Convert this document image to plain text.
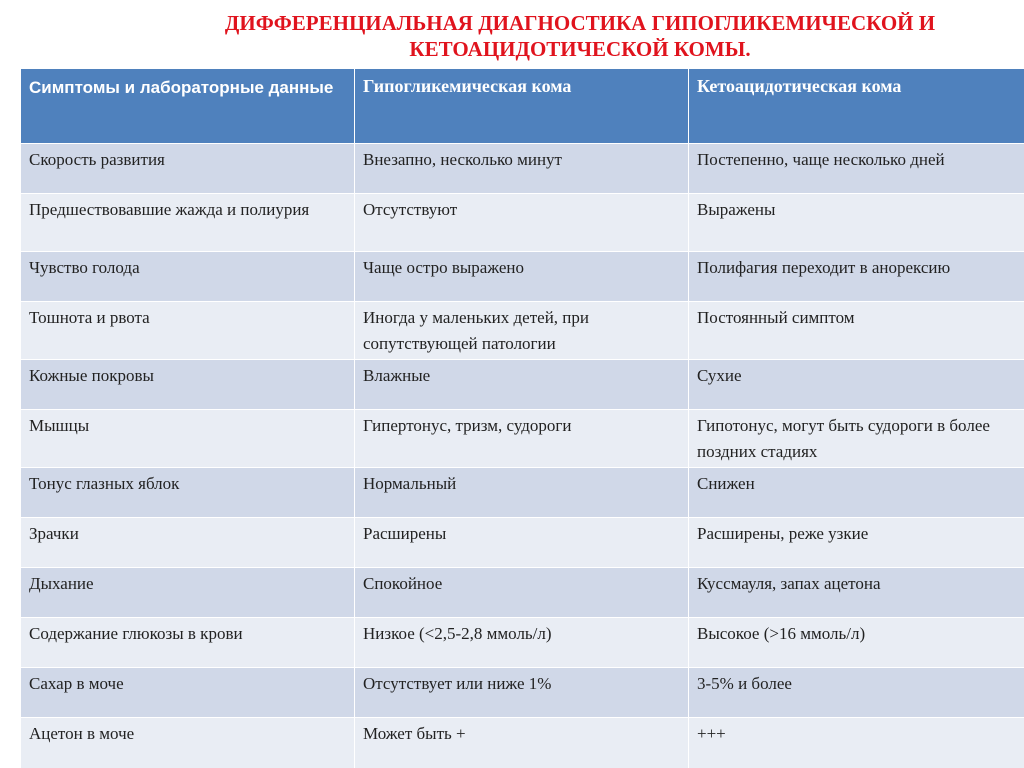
ДИФФЕРЕНЦИАЛЬНАЯ ДИАГНОСТИКА ГИПОГЛИКЕМИЧЕСКОЙ И
КЕТОАЦИДОТИЧЕСКОЙ КОМЫ.
Симптомы и лабораторные данные	Гипогликемическая кома	Кетоацидотическая кома
Скорость развития	Внезапно, несколько минут	Постепенно, чаще несколько дней
Предшествовавшие жажда и полиурия	Отсутствуют	Выражены
Чувство голода	Чаще остро выражено	Полифагия переходит в анорексию
Тошнота и рвота	Иногда у маленьких детей, при сопутствующей патологии	Постоянный симптом
Кожные покровы	Влажные	Сухие
Мышцы	Гипертонус, тризм, судороги	Гипотонус, могут быть судороги в более поздних стадиях
Тонус глазных яблок	Нормальный	Снижен
Зрачки	Расширены	Расширены, реже узкие
Дыхание	Спокойное	Куссмауля, запах ацетона
Содержание глюкозы в крови	Низкое (<2,5-2,8 ммоль/л)	Высокое (>16 ммоль/л)
Сахар в моче	Отсутствует или ниже 1%	3-5% и более
Ацетон в моче	Может быть +	+++
